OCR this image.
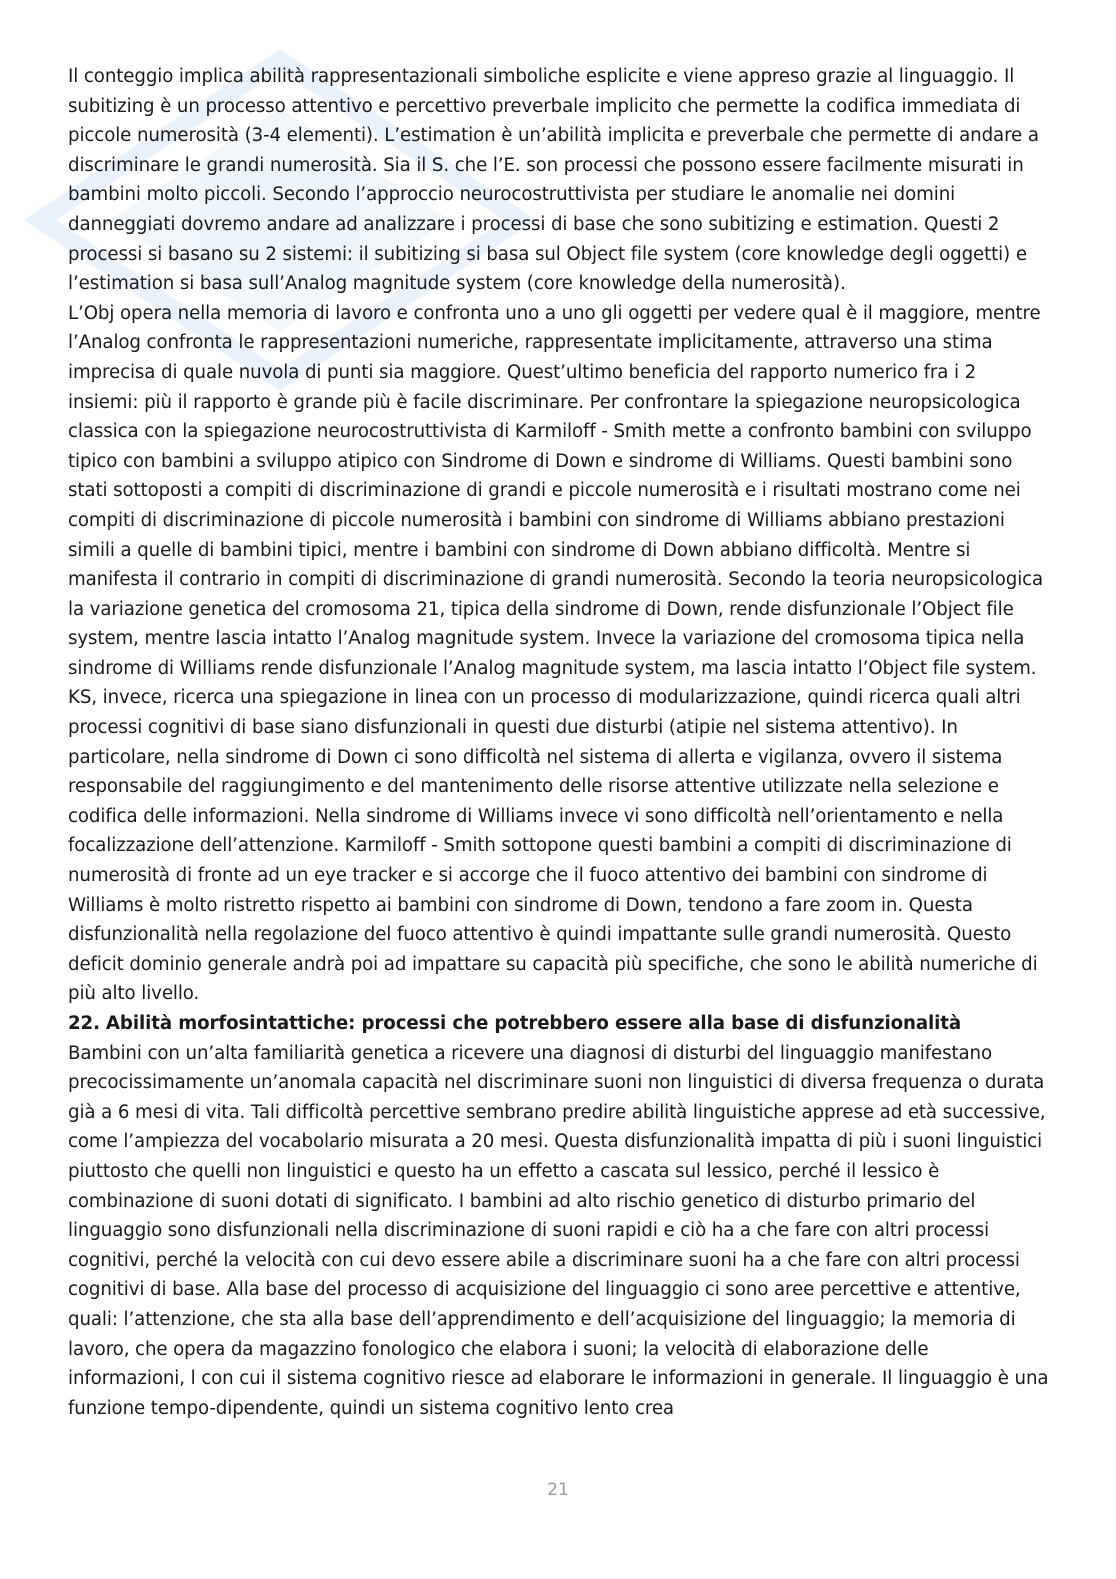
Il conteggio implica abilità rappresentazionali simboliche esplicite e viene appreso grazie al linguaggio. Il subitizing è un processo attentivo e percettivo preverbale implicito che permette la codifica immediata di piccole numerosità (3-4 elementi). L’estimation è un’abilità implicita e preverbale che permette di andare a discriminare le grandi numerosità. Sia il S. che l’E. son processi che possono essere facilmente misurati in bambini molto piccoli. Secondo l’approccio neurocostruttivista per studiare le anomalie nei domini danneggiati dovremo andare ad analizzare i processi di base che sono subitizing e estimation. Questi 2 processi si basano su 2 sistemi: il subitizing si basa sul Object file system (core knowledge degli oggetti) e l’estimation si basa sull’Analog magnitude system (core knowledge della numerosità).

L’Obj opera nella memoria di lavoro e confronta uno a uno gli oggetti per vedere qual è il maggiore, mentre l’Analog confronta le rappresentazioni numeriche, rappresentate implicitamente, attraverso una stima imprecisa di quale nuvola di punti sia maggiore. Quest’ultimo beneficia del rapporto numerico fra i 2 insiemi: più il rapporto è grande più è facile discriminare. Per confrontare la spiegazione neuropsicologica classica con la spiegazione neurocostruttivista di Karmiloff - Smith mette a confronto bambini con sviluppo tipico con bambini a sviluppo atipico con Sindrome di Down e sindrome di Williams. Questi bambini sono stati sottoposti a compiti di discriminazione di grandi e piccole numerosità e i risultati mostrano come nei compiti di discriminazione di piccole numerosità i bambini con sindrome di Williams abbiano prestazioni simili a quelle di bambini tipici, mentre i bambini con sindrome di Down abbiano difficoltà. Mentre si manifesta il contrario in compiti di discriminazione di grandi numerosità. Secondo la teoria neuropsicologica la variazione genetica del cromosoma 21, tipica della sindrome di Down, rende disfunzionale l’Object file system, mentre lascia intatto l’Analog magnitude system. Invece la variazione del cromosoma tipica nella sindrome di Williams rende disfunzionale l’Analog magnitude system, ma lascia intatto l’Object file system. KS, invece, ricerca una spiegazione in linea con un processo di modularizzazione, quindi ricerca quali altri processi cognitivi di base siano disfunzionali in questi due disturbi (atipie nel sistema attentivo). In particolare, nella sindrome di Down ci sono difficoltà nel sistema di allerta e vigilanza, ovvero il sistema responsabile del raggiungimento e del mantenimento delle risorse attentive utilizzate nella selezione e codifica delle informazioni. Nella sindrome di Williams invece vi sono difficoltà nell’orientamento e nella focalizzazione dell’attenzione. Karmiloff - Smith sottopone questi bambini a compiti di discriminazione di numerosità di fronte ad un eye tracker e si accorge che il fuoco attentivo dei bambini con sindrome di Williams è molto ristretto rispetto ai bambini con sindrome di Down, tendono a fare zoom in. Questa disfunzionalità nella regolazione del fuoco attentivo è quindi impattante sulle grandi numerosità. Questo deficit dominio generale andrà poi ad impattare su capacità più specifiche, che sono le abilità numeriche di più alto livello.

22. Abilità morfosintattiche: processi che potrebbero essere alla base di disfunzionalità

Bambini con un’alta familiarità genetica a ricevere una diagnosi di disturbi del linguaggio manifestano precocissimamente un’anomala capacità nel discriminare suoni non linguistici di diversa frequenza o durata già a 6 mesi di vita. Tali difficoltà percettive sembrano predire abilità linguistiche apprese ad età successive, come l’ampiezza del vocabolario misurata a 20 mesi. Questa disfunzionalità impatta di più i suoni linguistici piuttosto che quelli non linguistici e questo ha un effetto a cascata sul lessico, perché il lessico è combinazione di suoni dotati di significato. I bambini ad alto rischio genetico di disturbo primario del linguaggio sono disfunzionali nella discriminazione di suoni rapidi e ciò ha a che fare con altri processi cognitivi, perché la velocità con cui devo essere abile a discriminare suoni ha a che fare con altri processi cognitivi di base. Alla base del processo di acquisizione del linguaggio ci sono aree percettive e attentive, quali: l’attenzione, che sta alla base dell’apprendimento e dell’acquisizione del linguaggio; la memoria di lavoro, che opera da magazzino fonologico che elabora i suoni; la velocità di elaborazione delle informazioni, l con cui il sistema cognitivo riesce ad elaborare le informazioni in generale. Il linguaggio è una funzione tempo-dipendente, quindi un sistema cognitivo lento crea

21
